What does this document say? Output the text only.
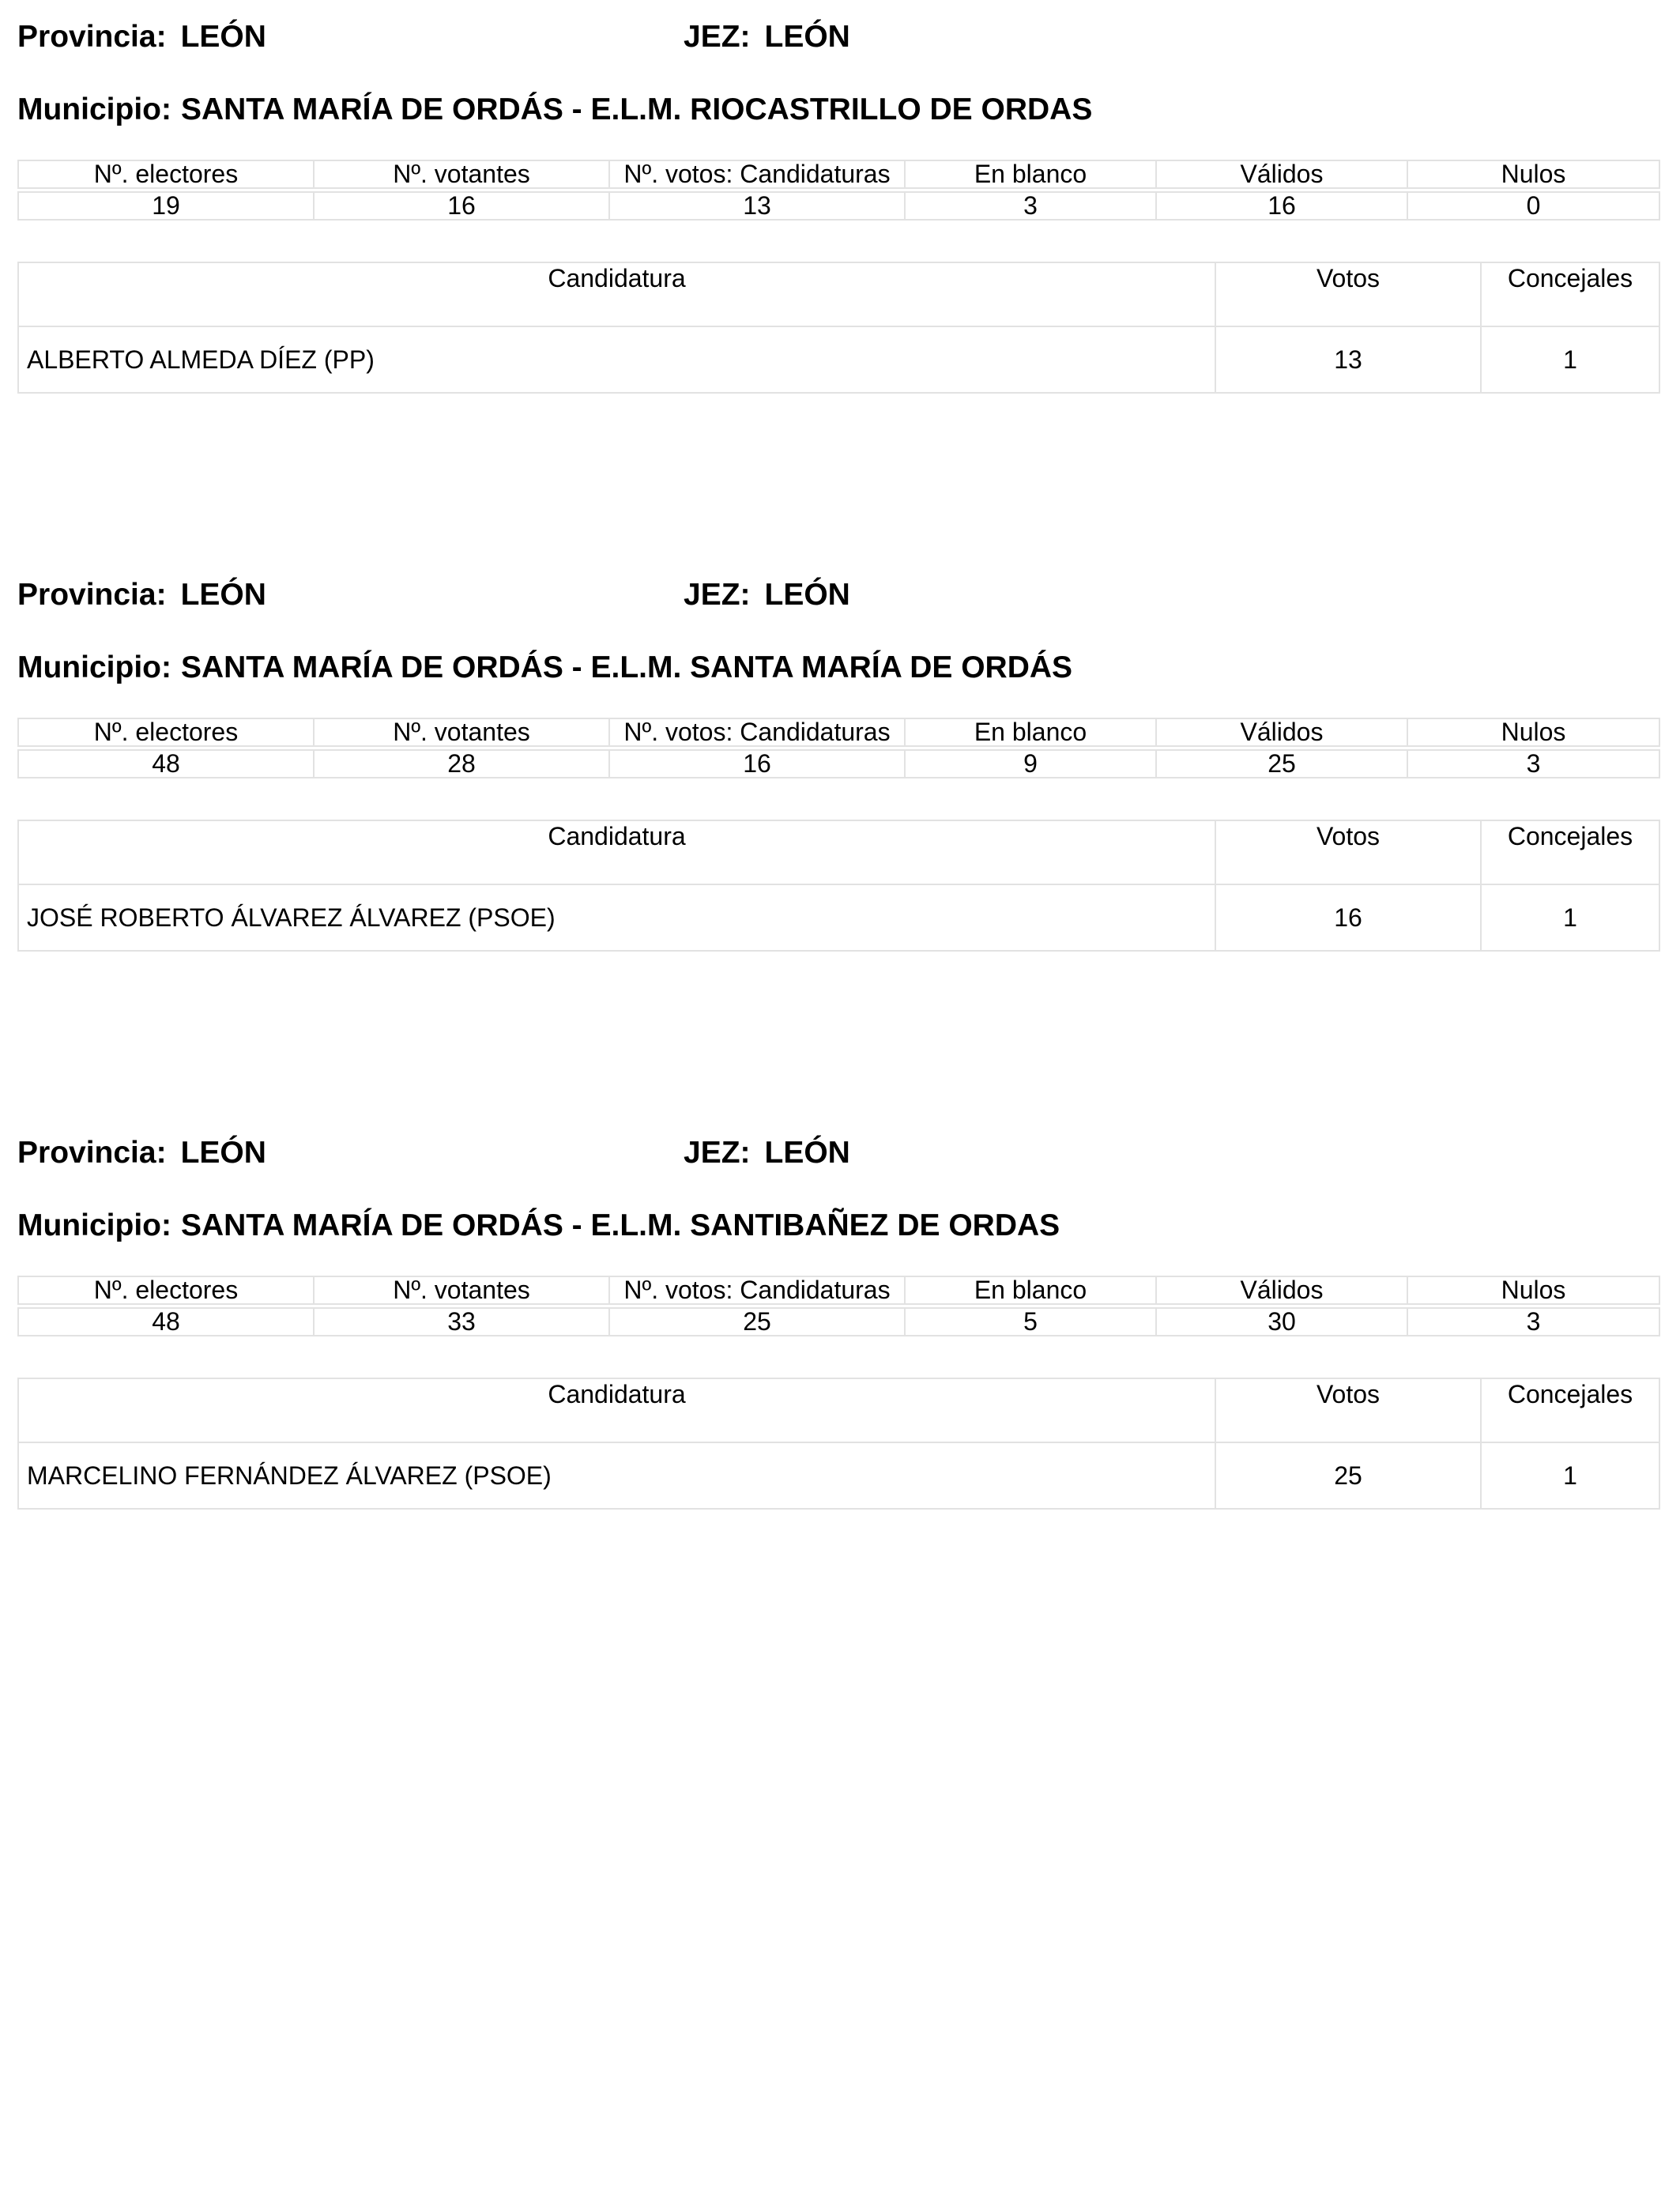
Provincia: LEÓN	JEZ: LEÓN
Municipio: SANTA MARÍA DE ORDÁS - E.L.M. RIOCASTRILLO DE ORDAS
Nº. electores	Nº. votantes	Nº. votos: Candidaturas	En blanco	Válidos	Nulos

19	16	13	3	16	0
Candidatura	Votos	Concejales
ALBERTO ALMEDA DÍEZ (PP)	13	1
Provincia: LEÓN	JEZ: LEÓN
Municipio: SANTA MARÍA DE ORDÁS - E.L.M. SANTA MARÍA DE ORDÁS
Nº. electores	Nº. votantes	Nº. votos: Candidaturas	En blanco	Válidos	Nulos

48	28	16	9	25	3
Candidatura	Votos	Concejales
JOSÉ ROBERTO ÁLVAREZ ÁLVAREZ (PSOE)	16	1
Provincia: LEÓN	JEZ: LEÓN
Municipio: SANTA MARÍA DE ORDÁS - E.L.M. SANTIBAÑEZ DE ORDAS
Nº. electores	Nº. votantes	Nº. votos: Candidaturas	En blanco	Válidos	Nulos

48	33	25	5	30	3
Candidatura	Votos	Concejales
MARCELINO FERNÁNDEZ ÁLVAREZ (PSOE)	25	1
